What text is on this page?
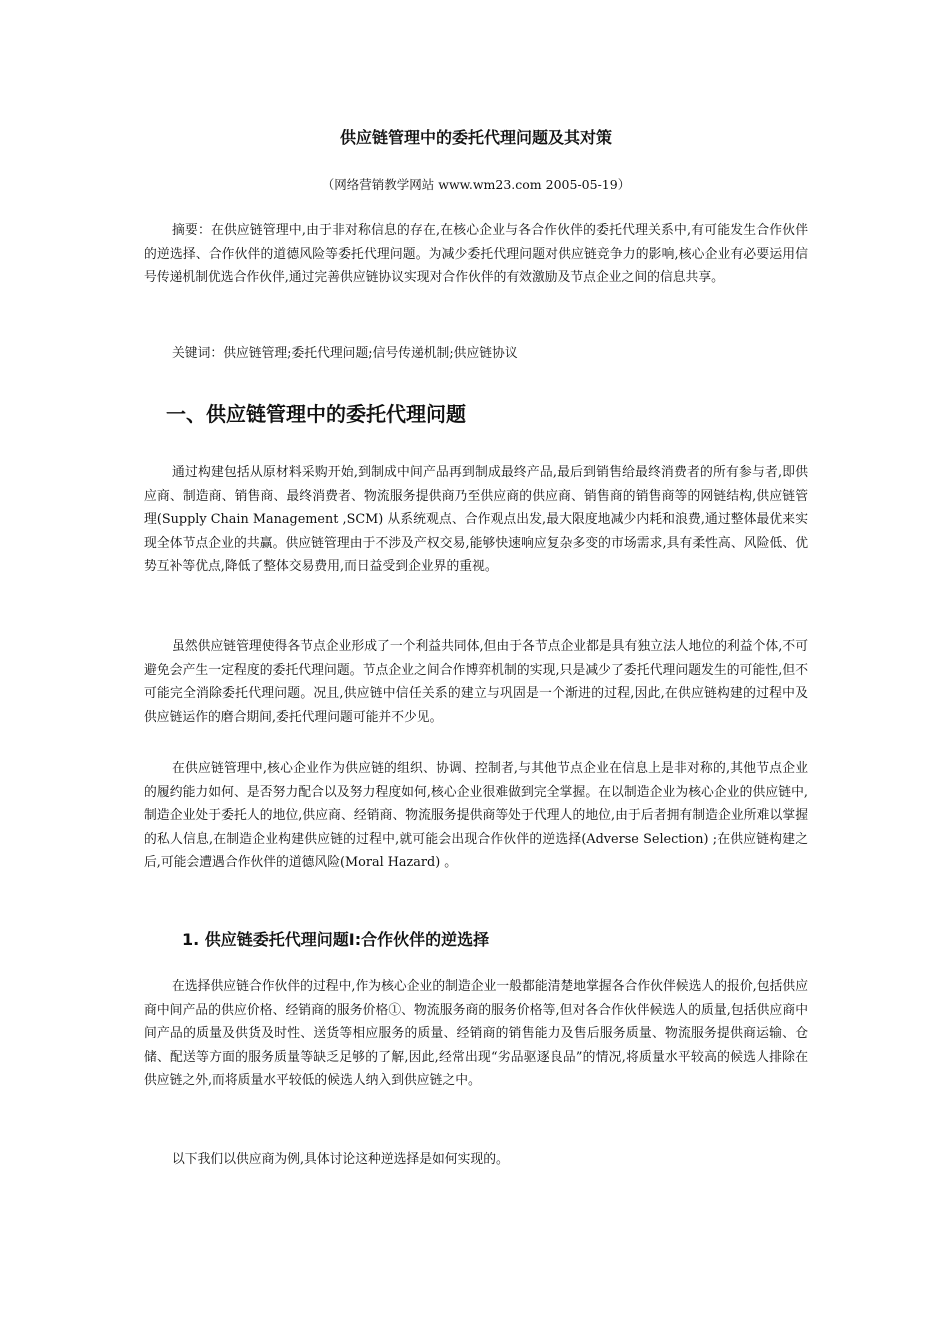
供应链管理中的委托代理问题及其对策
（网络营销教学网站 www.wm23.com 2005-05-19）

摘要：在供应链管理中,由于非对称信息的存在,在核心企业与各合作伙伴的委托代理关系中,有可能发生合作伙伴的逆选择、合作伙伴的道德风险等委托代理问题。为减少委托代理问题对供应链竞争力的影响,核心企业有必要运用信号传递机制优选合作伙伴,通过完善供应链协议实现对合作伙伴的有效激励及节点企业之间的信息共享。

关键词：供应链管理;委托代理问题;信号传递机制;供应链协议

一、供应链管理中的委托代理问题

通过构建包括从原材料采购开始,到制成中间产品再到制成最终产品,最后到销售给最终消费者的所有参与者,即供应商、制造商、销售商、最终消费者、物流服务提供商乃至供应商的供应商、销售商的销售商等的网链结构,供应链管理(Supply Chain Management ,SCM) 从系统观点、合作观点出发,最大限度地减少内耗和浪费,通过整体最优来实现全体节点企业的共赢。供应链管理由于不涉及产权交易,能够快速响应复杂多变的市场需求,具有柔性高、风险低、优势互补等优点,降低了整体交易费用,而日益受到企业界的重视。

虽然供应链管理使得各节点企业形成了一个利益共同体,但由于各节点企业都是具有独立法人地位的利益个体,不可避免会产生一定程度的委托代理问题。节点企业之间合作博弈机制的实现,只是减少了委托代理问题发生的可能性,但不可能完全消除委托代理问题。况且,供应链中信任关系的建立与巩固是一个渐进的过程,因此,在供应链构建的过程中及供应链运作的磨合期间,委托代理问题可能并不少见。

在供应链管理中,核心企业作为供应链的组织、协调、控制者,与其他节点企业在信息上是非对称的,其他节点企业的履约能力如何、是否努力配合以及努力程度如何,核心企业很难做到完全掌握。在以制造企业为核心企业的供应链中,制造企业处于委托人的地位,供应商、经销商、物流服务提供商等处于代理人的地位,由于后者拥有制造企业所难以掌握的私人信息,在制造企业构建供应链的过程中,就可能会出现合作伙伴的逆选择(Adverse Selection) ;在供应链构建之后,可能会遭遇合作伙伴的道德风险(Moral Hazard) 。

1. 供应链委托代理问题Ⅰ:合作伙伴的逆选择

在选择供应链合作伙伴的过程中,作为核心企业的制造企业一般都能清楚地掌握各合作伙伴候选人的报价,包括供应商中间产品的供应价格、经销商的服务价格①、物流服务商的服务价格等,但对各合作伙伴候选人的质量,包括供应商中间产品的质量及供货及时性、送货等相应服务的质量、经销商的销售能力及售后服务质量、物流服务提供商运输、仓储、配送等方面的服务质量等缺乏足够的了解,因此,经常出现“劣品驱逐良品”的情况,将质量水平较高的候选人排除在供应链之外,而将质量水平较低的候选人纳入到供应链之中。

以下我们以供应商为例,具体讨论这种逆选择是如何实现的。
